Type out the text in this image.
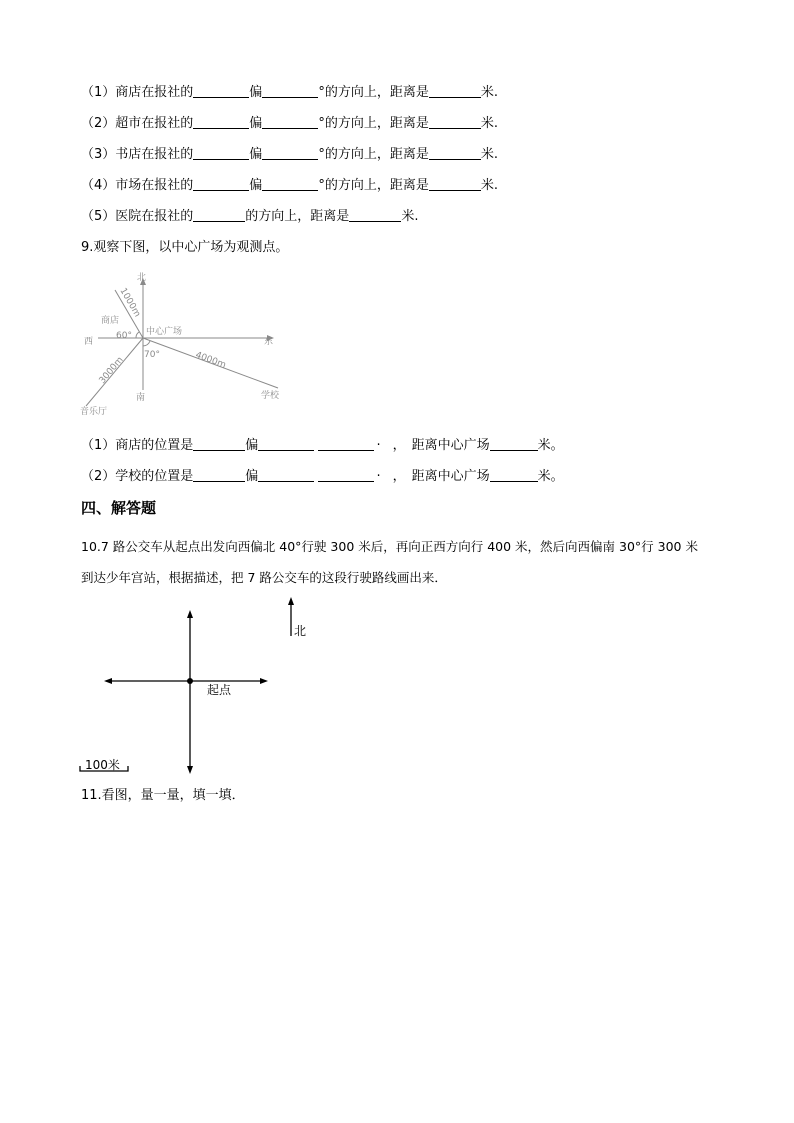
（1）商店在报社的	偏	°的方向上，距离是	米.
（2）超市在报社的	偏	°的方向上，距离是	米.
（3）书店在报社的	偏	°的方向上，距离是	米.
（4）市场在报社的	偏	°的方向上，距离是	米.
（5）医院在报社的	的方向上，距离是	米.
9.观察下图，以中心广场为观测点。
北
南
东
西
中心广场
商店
1000m
60°
70°	4000m
学校
3000m
音乐厅
（1）商店的位置是	偏	· ， 距离中心广场	米。
（2）学校的位置是	偏	· ， 距离中心广场	米。
四、解答题
10.7 路公交车从起点出发向西偏北 40°行驶 300 米后，再向正西方向行 400 米，然后向西偏南 30°行 300 米
到达少年宫站，根据描述，把 7 路公交车的这段行驶路线画出来．
起点
北
100米
11.看图，量一量，填一填．
